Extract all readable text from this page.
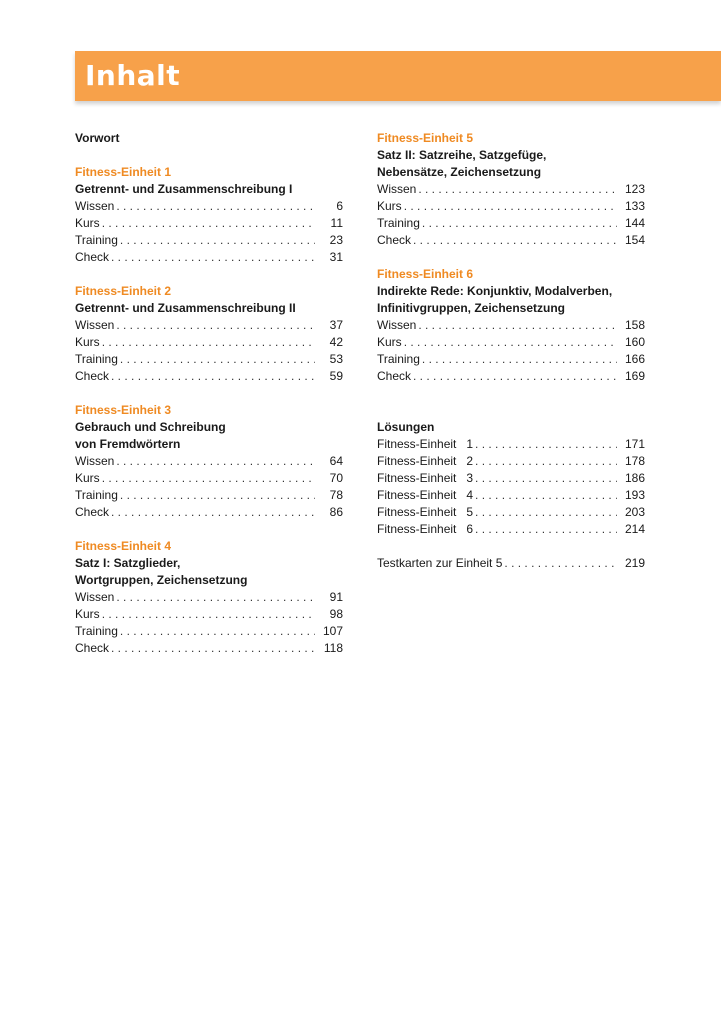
Inhalt
Vorwort
Fitness-Einheit 1
Getrennt- und Zusammenschreibung I
Wissen . . .	6
Kurs . . .	11
Training . . .	23
Check . . .	31
Fitness-Einheit 2
Getrennt- und Zusammenschreibung II
Wissen . . .	37
Kurs . . .	42
Training . . .	53
Check . . .	59
Fitness-Einheit 3
Gebrauch und Schreibung
von Fremdwörtern
Wissen . . .	64
Kurs . . .	70
Training . . .	78
Check . . .	86
Fitness-Einheit 4
Satz I: Satzglieder,
Wortgruppen, Zeichensetzung
Wissen . . .	91
Kurs . . .	98
Training . . .	107
Check . . .	118
Fitness-Einheit 5
Satz II: Satzreihe, Satzgefüge,
Nebensätze, Zeichensetzung
Wissen . . .	123
Kurs . . .	133
Training . . .	144
Check . . .	154
Fitness-Einheit 6
Indirekte Rede: Konjunktiv, Modalverben,
Infinitivgruppen, Zeichensetzung
Wissen . . .	158
Kurs . . .	160
Training . . .	166
Check . . .	169
Lösungen
Fitness-Einheit   1 . . .	171
Fitness-Einheit   2 . . .	178
Fitness-Einheit   3 . . .	186
Fitness-Einheit   4 . . .	193
Fitness-Einheit   5 . . .	203
Fitness-Einheit   6 . . .	214
Testkarten zur Einheit 5 . . .	219
